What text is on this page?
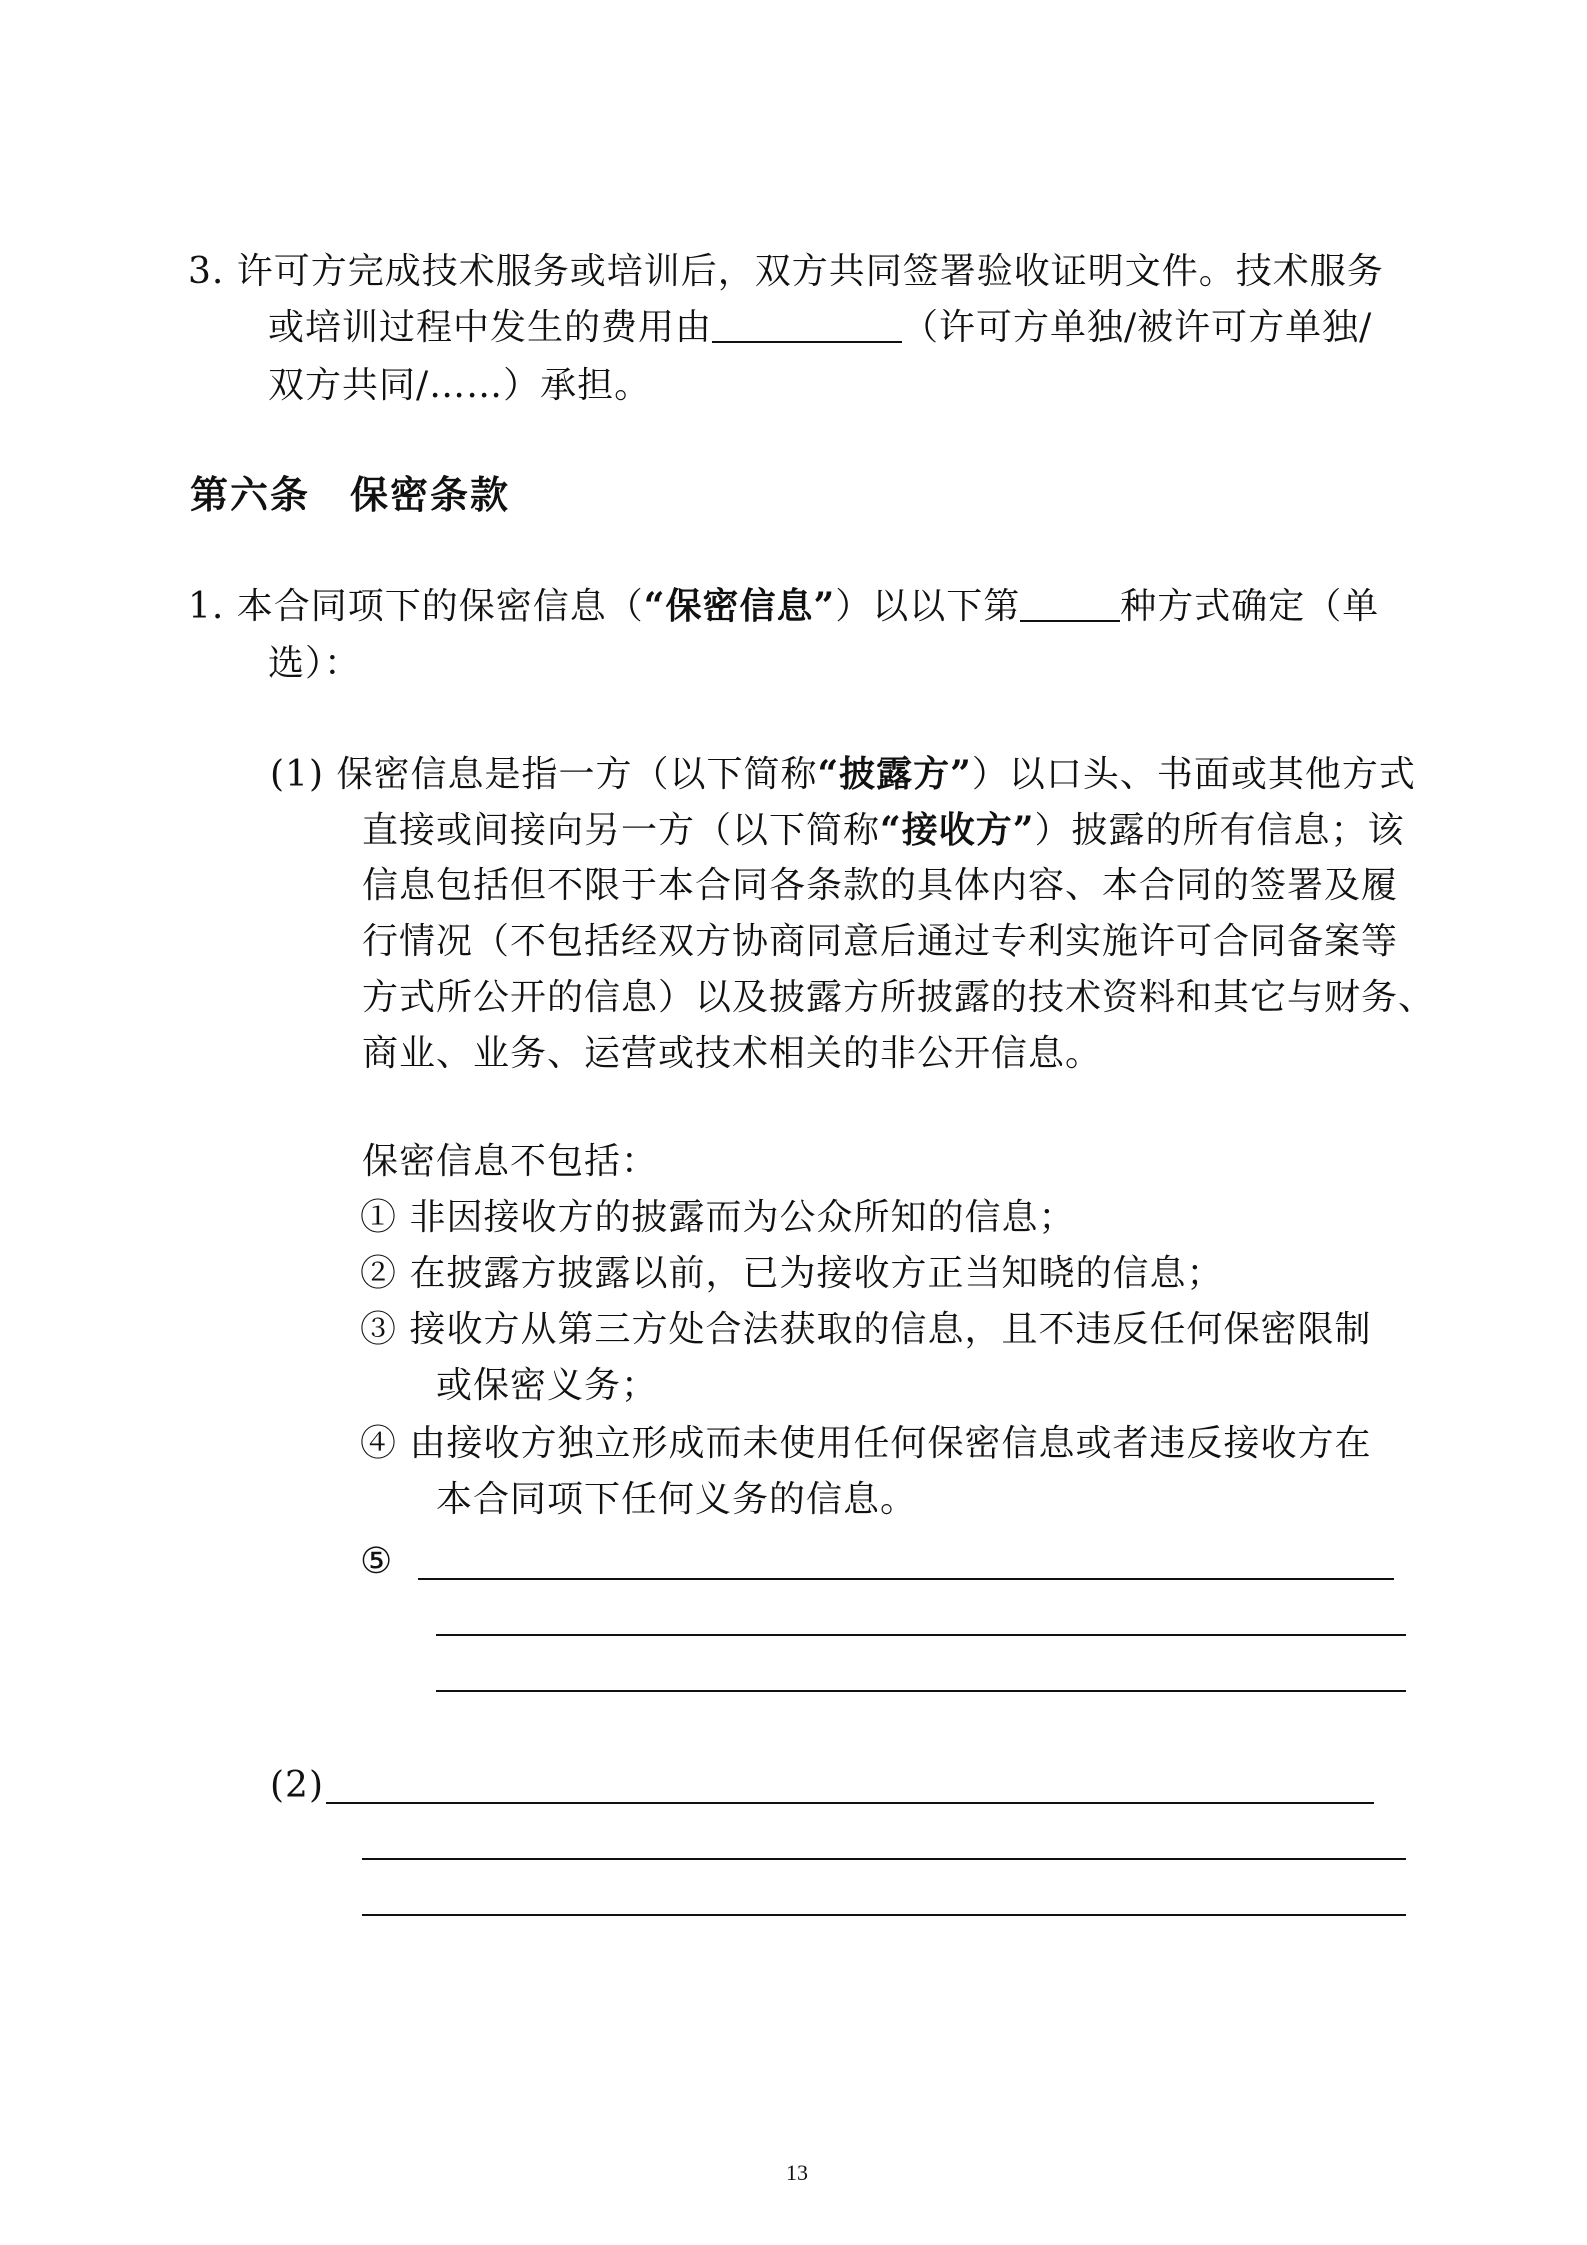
3. 许可方完成技术服务或培训后，双方共同签署验收证明文件。技术服务
或培训过程中发生的费用由	（许可方单独/被许可方单独/
双方共同/……）承担。
第六条　保密条款
1. 本合同项下的保密信息（“保密信息”）以以下第	种方式确定（单
选）：
(1) 保密信息是指一方（以下简称“披露方”）以口头、书面或其他方式
直接或间接向另一方（以下简称“接收方”）披露的所有信息；该
信息包括但不限于本合同各条款的具体内容、本合同的签署及履
行情况（不包括经双方协商同意后通过专利实施许可合同备案等
方式所公开的信息）以及披露方所披露的技术资料和其它与财务、
商业、业务、运营或技术相关的非公开信息。
保密信息不包括：
① 非因接收方的披露而为公众所知的信息；
② 在披露方披露以前，已为接收方正当知晓的信息；
③ 接收方从第三方处合法获取的信息，且不违反任何保密限制
或保密义务；
④ 由接收方独立形成而未使用任何保密信息或者违反接收方在
本合同项下任何义务的信息。
⑤
(2)
13
